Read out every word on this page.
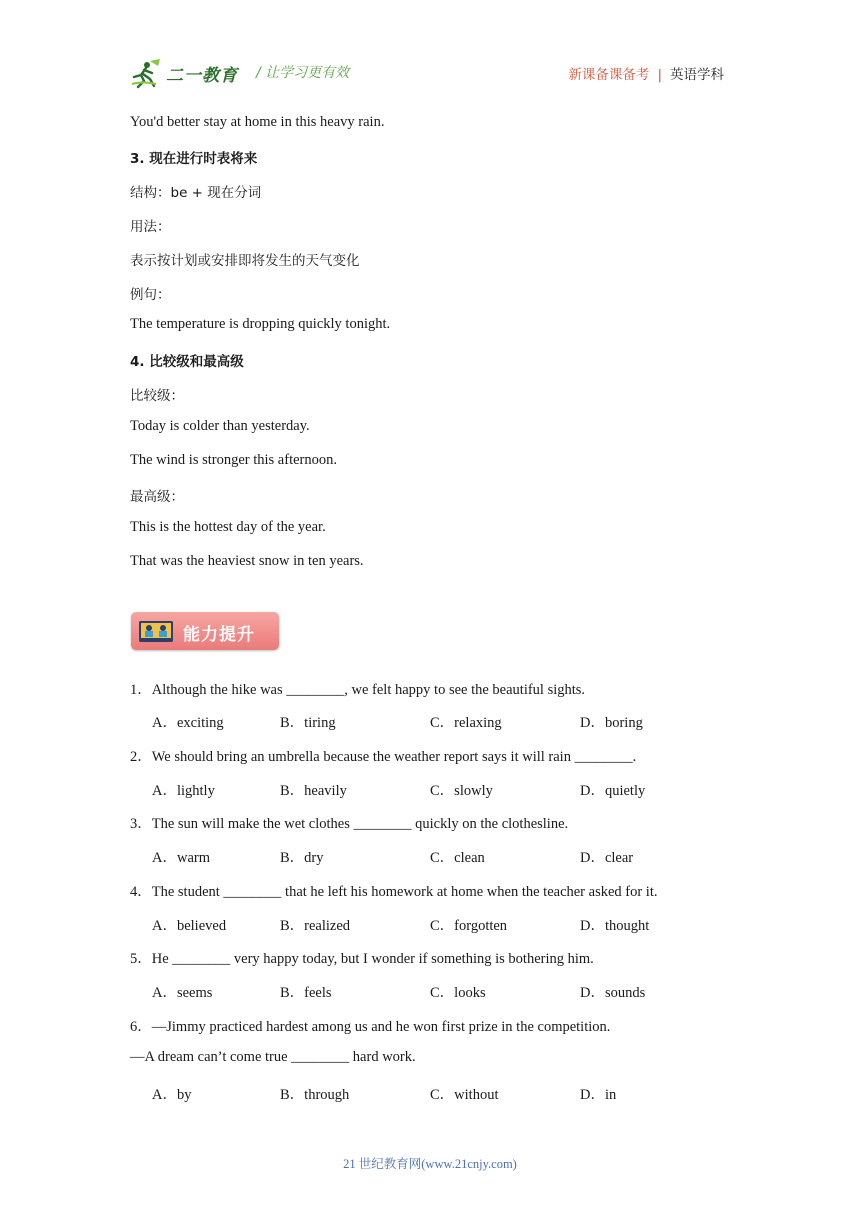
二一教育 / 让学习更有效	新课备课备考 | 英语学科
You'd better stay at home in this heavy rain.
3. 现在进行时表将来
结构：be + 现在分词
用法：
表示按计划或安排即将发生的天气变化
例句：
The temperature is dropping quickly tonight.
4. 比较级和最高级
比较级：
Today is colder than yesterday.
The wind is stronger this afternoon.
最高级：
This is the hottest day of the year.
That was the heaviest snow in ten years.
能力提升
1．Although the hike was ________, we felt happy to see the beautiful sights.
A．exciting	B．tiring	C．relaxing	D．boring
2．We should bring an umbrella because the weather report says it will rain ________.
A．lightly	B．heavily	C．slowly	D．quietly
3．The sun will make the wet clothes ________ quickly on the clothesline.
A．warm	B．dry	C．clean	D．clear
4．The student ________ that he left his homework at home when the teacher asked for it.
A．believed	B．realized	C．forgotten	D．thought
5．He ________ very happy today, but I wonder if something is bothering him.
A．seems	B．feels	C．looks	D．sounds
6．—Jimmy practiced hardest among us and he won first prize in the competition.
—A dream can’t come true ________ hard work.
A．by	B．through	C．without	D．in
21 世纪教育网(www.21cnjy.com)
